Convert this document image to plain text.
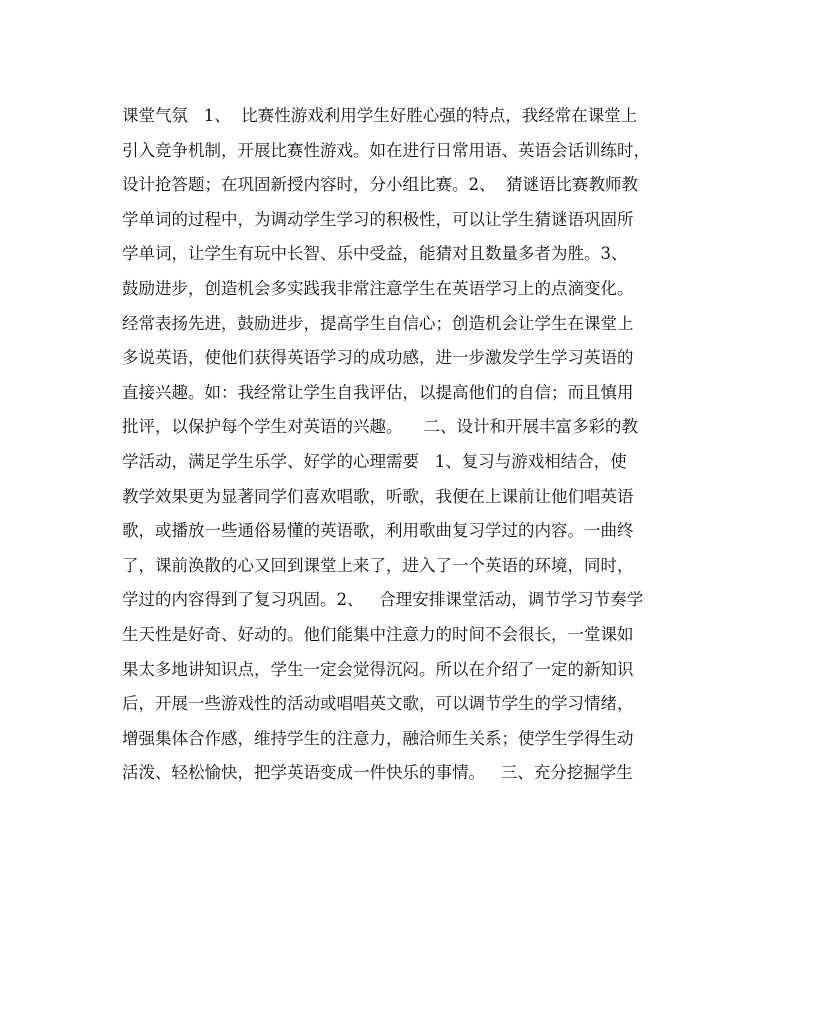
课堂气氛   1、  比赛性游戏利用学生好胜心强的特点，我经常在课堂上
引入竞争机制，开展比赛性游戏。如在进行日常用语、英语会话训练时，
设计抢答题；在巩固新授内容时，分小组比赛。2、  猜谜语比赛教师教
学单词的过程中，为调动学生学习的积极性，可以让学生猜谜语巩固所
学单词，让学生有玩中长智、乐中受益，能猜对且数量多者为胜。3、
鼓励进步，创造机会多实践我非常注意学生在英语学习上的点滴变化。
经常表扬先进，鼓励进步，提高学生自信心；创造机会让学生在课堂上
多说英语，使他们获得英语学习的成功感，进一步激发学生学习英语的
直接兴趣。如：我经常让学生自我评估，以提高他们的自信；而且慎用
批评，以保护每个学生对英语的兴趣。    二、设计和开展丰富多彩的教
学活动，满足学生乐学、好学的心理需要   1、复习与游戏相结合，使
教学效果更为显著同学们喜欢唱歌，听歌，我便在上课前让他们唱英语
歌，或播放一些通俗易懂的英语歌，利用歌曲复习学过的内容。一曲终
了，课前涣散的心又回到课堂上来了，进入了一个英语的环境，同时，
学过的内容得到了复习巩固。2、   合理安排课堂活动，调节学习节奏学
生天性是好奇、好动的。他们能集中注意力的时间不会很长，一堂课如
果太多地讲知识点，学生一定会觉得沉闷。所以在介绍了一定的新知识
后，开展一些游戏性的活动或唱唱英文歌，可以调节学生的学习情绪，
增强集体合作感，维持学生的注意力，融洽师生关系；使学生学得生动
活泼、轻松愉快，把学英语变成一件快乐的事情。   三、充分挖掘学生
